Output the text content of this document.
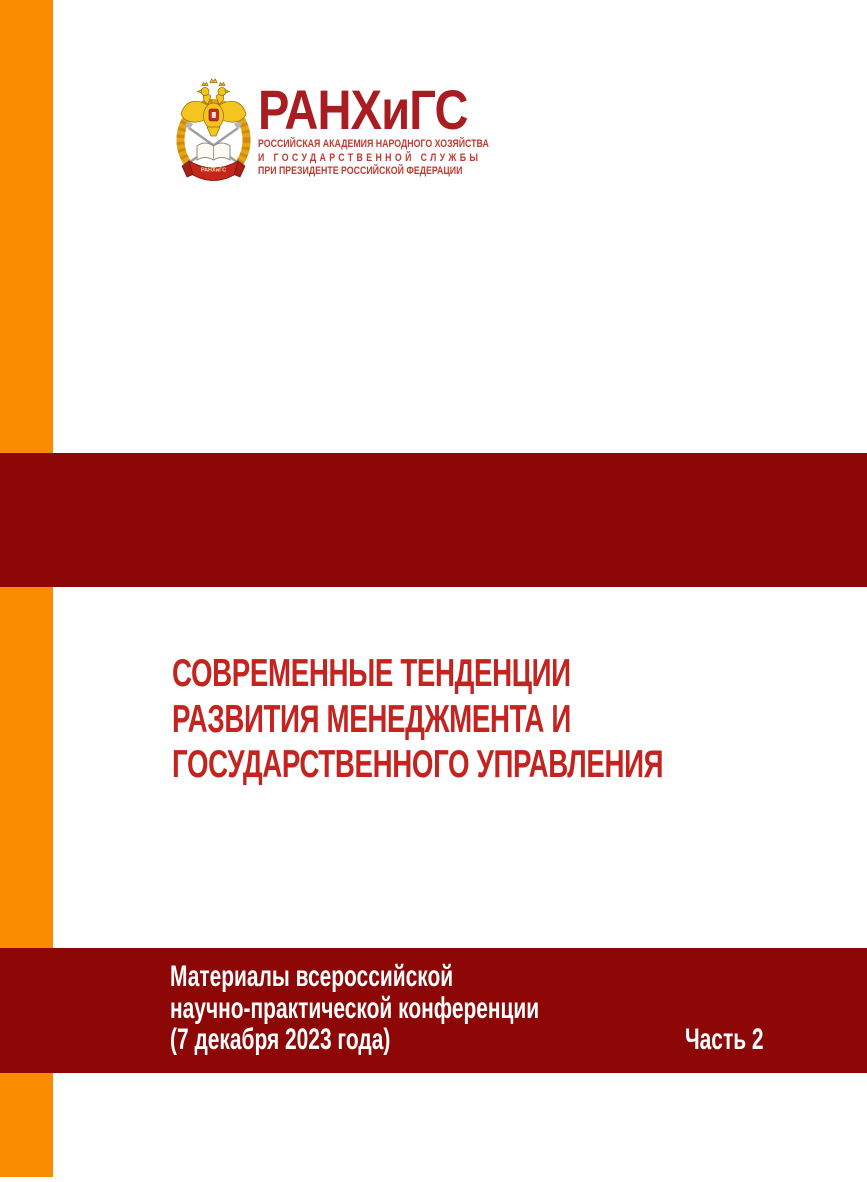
РАНХиГС
РАНХиГС
РОССИЙСКАЯ АКАДЕМИЯ НАРОДНОГО ХОЗЯЙСТВА
И ГОСУДАРСТВЕННОЙ СЛУЖБЫ
ПРИ ПРЕЗИДЕНТЕ РОССИЙСКОЙ ФЕДЕРАЦИИ
СОВРЕМЕННЫЕ ТЕНДЕНЦИИ
РАЗВИТИЯ МЕНЕДЖМЕНТА И
ГОСУДАРСТВЕННОГО УПРАВЛЕНИЯ
Материалы всероссийской
научно-практической конференции
(7 декабря 2023 года)	Часть 2
